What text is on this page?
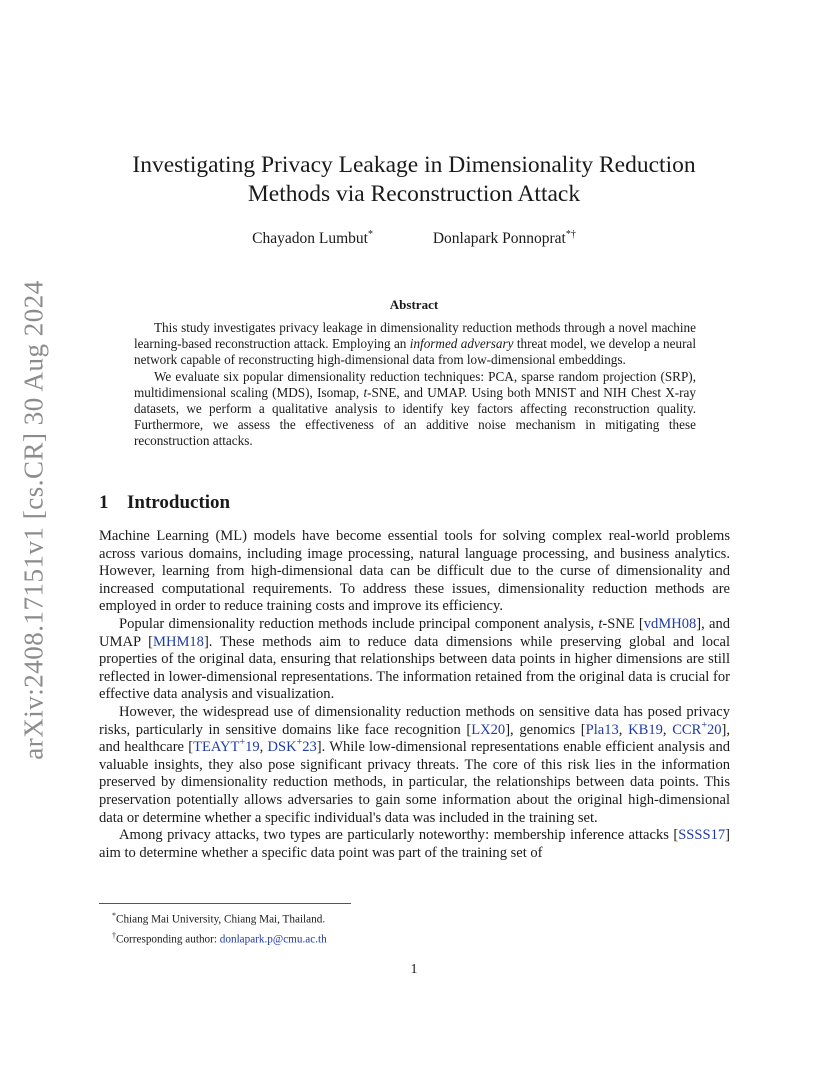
arXiv:2408.17151v1 [cs.CR] 30 Aug 2024
Investigating Privacy Leakage in Dimensionality Reduction
Methods via Reconstruction Attack
Chayadon Lumbut*	Donlapark Ponnoprat*†
Abstract

This study investigates privacy leakage in dimensionality reduction methods through a novel machine learning-based reconstruction attack. Employing an informed adversary threat model, we develop a neural network capable of reconstructing high-dimensional data from low-dimensional embeddings.

We evaluate six popular dimensionality reduction techniques: PCA, sparse random projection (SRP), multidimensional scaling (MDS), Isomap, t-SNE, and UMAP. Using both MNIST and NIH Chest X-ray datasets, we perform a qualitative analysis to identify key factors affecting reconstruction quality. Furthermore, we assess the effectiveness of an additive noise mechanism in mitigating these reconstruction attacks.

1 Introduction

Machine Learning (ML) models have become essential tools for solving complex real-world problems across various domains, including image processing, natural language processing, and business analytics. However, learning from high-dimensional data can be difficult due to the curse of dimensionality and increased computational requirements. To address these issues, dimensionality reduction methods are employed in order to reduce training costs and improve its efficiency.

Popular dimensionality reduction methods include principal component analysis, t-SNE [vdMH08], and UMAP [MHM18]. These methods aim to reduce data dimensions while preserving global and local properties of the original data, ensuring that relationships between data points in higher dimensions are still reflected in lower-dimensional representations. The information retained from the original data is crucial for effective data analysis and visualization.

However, the widespread use of dimensionality reduction methods on sensitive data has posed privacy risks, particularly in sensitive domains like face recognition [LX20], genomics [Pla13, KB19, CCR+20], and healthcare [TEAYT+19, DSK+23]. While low-dimensional representations enable efficient analysis and valuable insights, they also pose significant privacy threats. The core of this risk lies in the information preserved by dimensionality reduction methods, in particular, the relationships between data points. This preservation potentially allows adversaries to gain some information about the original high-dimensional data or determine whether a specific individual's data was included in the training set.

Among privacy attacks, two types are particularly noteworthy: membership inference attacks [SSSS17] aim to determine whether a specific data point was part of the training set of

*Chiang Mai University, Chiang Mai, Thailand.
†Corresponding author: donlapark.p@cmu.ac.th
1
